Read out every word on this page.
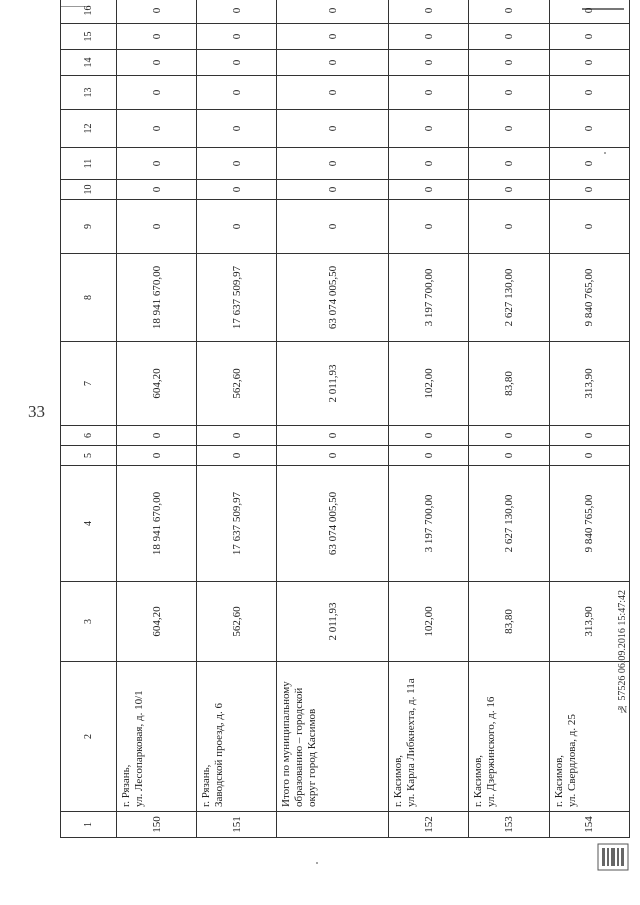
33
1	2	3	4	5	6	7	8	9	10	11	12	13	14	15	16
150	г. Рязань,
ул. Лесопарковая, д. 10/1	604,20	18 941 670,00	0	0	604,20	18 941 670,00	0	0	0	0	0	0	0	0
151	г. Рязань,
Заводской проезд, д. 6	562,60	17 637 509,97	0	0	562,60	17 637 509,97	0	0	0	0	0	0	0	0
	Итого по муниципальному образованию – городской округ город Касимов	2 011,93	63 074 005,50	0	0	2 011,93	63 074 005,50	0	0	0	0	0	0	0	0
152	г. Касимов,
ул. Карла Либкнехта, д. 11а	102,00	3 197 700,00	0	0	102,00	3 197 700,00	0	0	0	0	0	0	0	0
153	г. Касимов,
ул. Дзержинского, д. 16	83,80	2 627 130,00	0	0	83,80	2 627 130,00	0	0	0	0	0	0	0	0
154	г. Касимов,
ул. Свердлова, д. 25	313,90	9 840 765,00	0	0	313,90	9 840 765,00	0	0	0	0	0	0	0	0
№ 57526 06.09.2016 15:47:42
